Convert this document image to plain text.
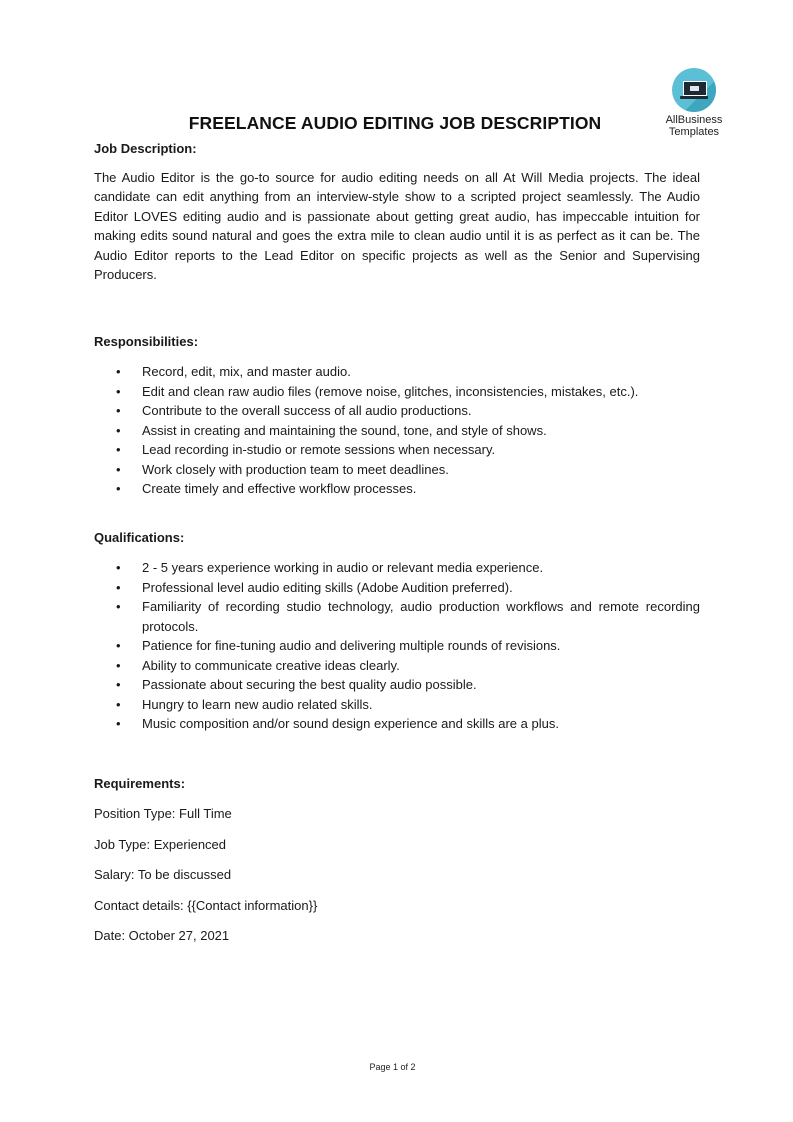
AllBusiness
Templates
FREELANCE AUDIO EDITING JOB DESCRIPTION

Job Description:

The Audio Editor is the go-to source for audio editing needs on all At Will Media projects. The ideal candidate can edit anything from an interview-style show to a scripted project seamlessly. The Audio Editor LOVES editing audio and is passionate about getting great audio, has impeccable intuition for making edits sound natural and goes the extra mile to clean audio until it is as perfect as it can be. The Audio Editor reports to the Lead Editor on specific projects as well as the Senior and Supervising Producers.

Responsibilities:

• Record, edit, mix, and master audio.
• Edit and clean raw audio files (remove noise, glitches, inconsistencies, mistakes, etc.).
• Contribute to the overall success of all audio productions.
• Assist in creating and maintaining the sound, tone, and style of shows.
• Lead recording in-studio or remote sessions when necessary.
• Work closely with production team to meet deadlines.
• Create timely and effective workflow processes.

Qualifications:

• 2 - 5 years experience working in audio or relevant media experience.
• Professional level audio editing skills (Adobe Audition preferred).
• Familiarity of recording studio technology, audio production workflows and remote recording protocols.
• Patience for fine-tuning audio and delivering multiple rounds of revisions.
• Ability to communicate creative ideas clearly.
• Passionate about securing the best quality audio possible.
• Hungry to learn new audio related skills.
• Music composition and/or sound design experience and skills are a plus.

Requirements:

Position Type: Full Time

Job Type: Experienced

Salary: To be discussed

Contact details: {{Contact information}}

Date: October 27, 2021

Page 1 of 2
